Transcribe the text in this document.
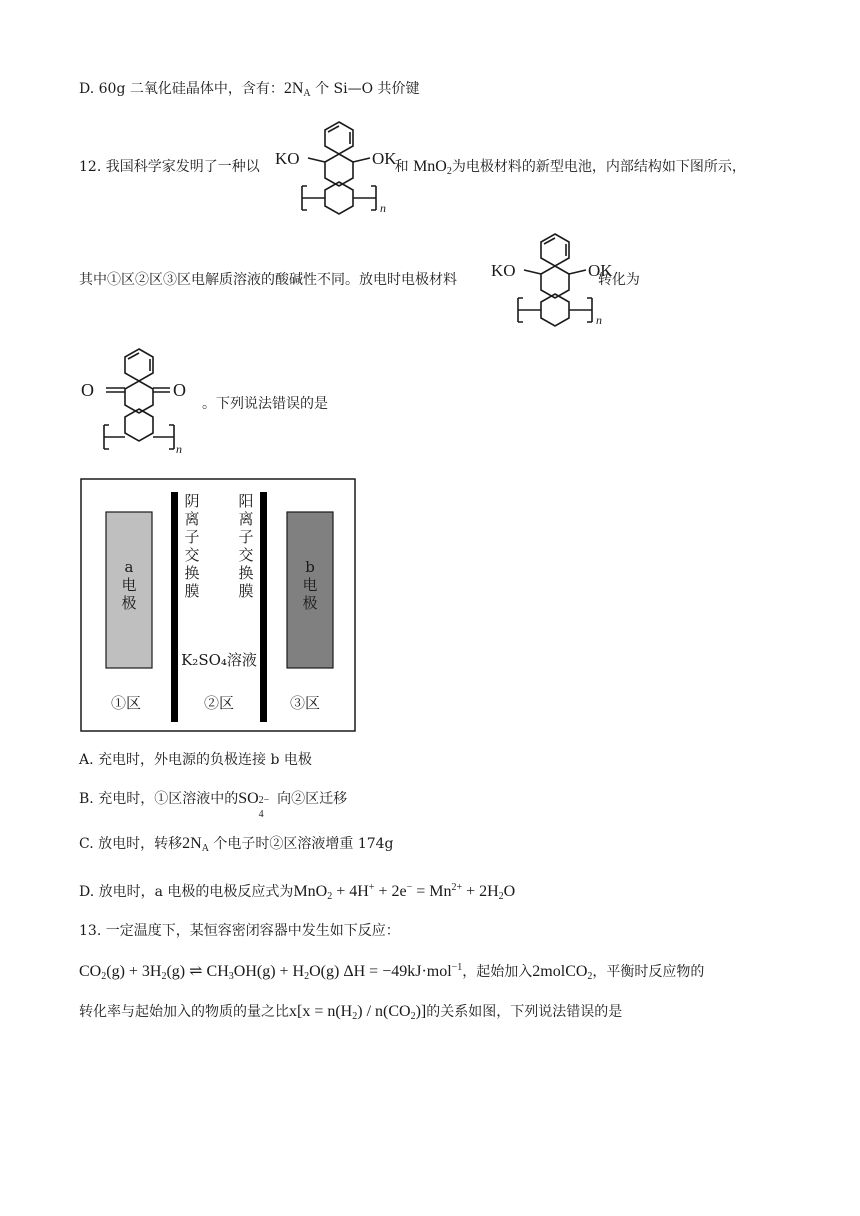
D. 60g 二氧化硅晶体中，含有：$2N_A$ 个 Si—O 共价键
12. 我国科学家发明了一种以	和 MnO$_2$为电极材料的新型电池，内部结构如下图所示，
KO	OK
n
其中①区②区③区电解质溶液的酸碱性不同。放电时电极材料	转化为
KO	OK
n
O	O
n
。下列说法错误的是
a
电
极
b
电
极
阴
离
子
交
换
膜
阳
离
子
交
换
膜
K₂SO₄溶液
①区	②区	③区
A. 充电时，外电源的负极连接 b 电极
B. 充电时，①区溶液中的SO 2−
4
向②区迁移
C. 放电时，转移$2N_A$ 个电子时②区溶液增重 174g
D. 放电时，a 电极的电极反应式为$MnO_2 + 4H^+ + 2e^- = Mn^{2+} + 2H_2O$
13. 一定温度下，某恒容密闭容器中发生如下反应：
$CO_2(g) + 3H_2(g)$ ⇌ $CH_3OH(g) + H_2O(g) \Delta H = -49kJ\cdot mol^{-1}$，起始加入2molCO$_2$，平衡时反应物的
转化率与起始加入的物质的量之比$x[x = n(H_2) / n(CO_2)]$的关系如图，下列说法错误的是
